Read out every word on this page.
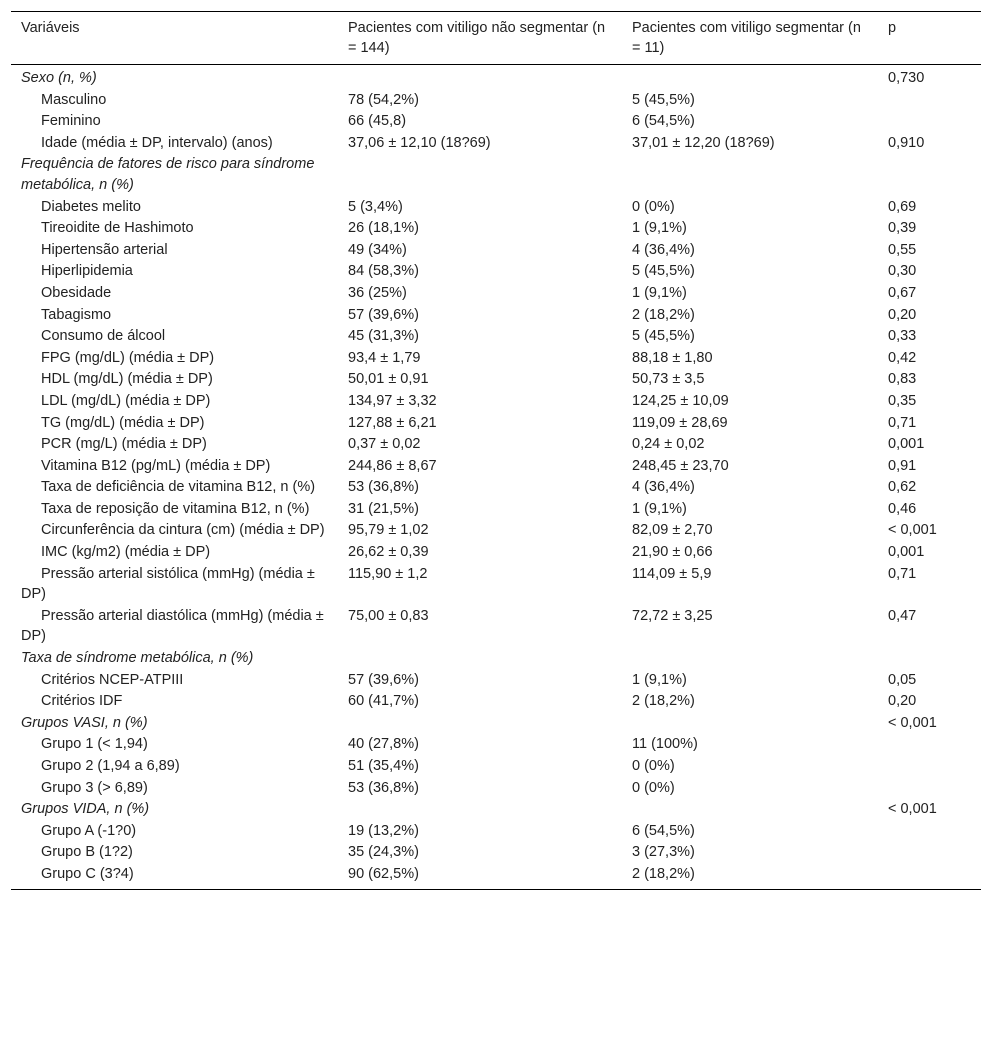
Variáveis	Pacientes com vitiligo não segmentar (n = 144)	Pacientes com vitiligo segmentar (n = 11)	p
Sexo (n, %)			0,730
Masculino	78 (54,2%)	5 (45,5%)	
Feminino	66 (45,8)	6 (54,5%)	
Idade (média ± DP, intervalo) (anos)	37,06 ± 12,10 (18?69)	37,01 ± 12,20 (18?69)	0,910
Frequência de fatores de risco para síndrome metabólica, n (%)			
Diabetes melito	5 (3,4%)	0 (0%)	0,69
Tireoidite de Hashimoto	26 (18,1%)	1 (9,1%)	0,39
Hipertensão arterial	49 (34%)	4 (36,4%)	0,55
Hiperlipidemia	84 (58,3%)	5 (45,5%)	0,30
Obesidade	36 (25%)	1 (9,1%)	0,67
Tabagismo	57 (39,6%)	2 (18,2%)	0,20
Consumo de álcool	45 (31,3%)	5 (45,5%)	0,33
FPG (mg/dL) (média ± DP)	93,4 ± 1,79	88,18 ± 1,80	0,42
HDL (mg/dL) (média ± DP)	50,01 ± 0,91	50,73 ± 3,5	0,83
LDL (mg/dL) (média ± DP)	134,97 ± 3,32	124,25 ± 10,09	0,35
TG (mg/dL) (média ± DP)	127,88 ± 6,21	119,09 ± 28,69	0,71
PCR (mg/L) (média ± DP)	0,37 ± 0,02	0,24 ± 0,02	0,001
Vitamina B12 (pg/mL) (média ± DP)	244,86 ± 8,67	248,45 ± 23,70	0,91
Taxa de deficiência de vitamina B12, n (%)	53 (36,8%)	4 (36,4%)	0,62
Taxa de reposição de vitamina B12, n (%)	31 (21,5%)	1 (9,1%)	0,46
Circunferência da cintura (cm) (média ± DP)	95,79 ± 1,02	82,09 ± 2,70	< 0,001
IMC (kg/m2) (média ± DP)	26,62 ± 0,39	21,90 ± 0,66	0,001
Pressão arterial sistólica (mmHg) (média ± DP)	115,90 ± 1,2	114,09 ± 5,9	0,71
Pressão arterial diastólica (mmHg) (média ± DP)	75,00 ± 0,83	72,72 ± 3,25	0,47
Taxa de síndrome metabólica, n (%)			
Critérios NCEP-ATPIII	57 (39,6%)	1 (9,1%)	0,05
Critérios IDF	60 (41,7%)	2 (18,2%)	0,20
Grupos VASI, n (%)			< 0,001
Grupo 1 (< 1,94)	40 (27,8%)	11 (100%)	
Grupo 2 (1,94 a 6,89)	51 (35,4%)	0 (0%)	
Grupo 3 (> 6,89)	53 (36,8%)	0 (0%)	
Grupos VIDA, n (%)			< 0,001
Grupo A (-1?0)	19 (13,2%)	6 (54,5%)	
Grupo B (1?2)	35 (24,3%)	3 (27,3%)	
Grupo C (3?4)	90 (62,5%)	2 (18,2%)	
